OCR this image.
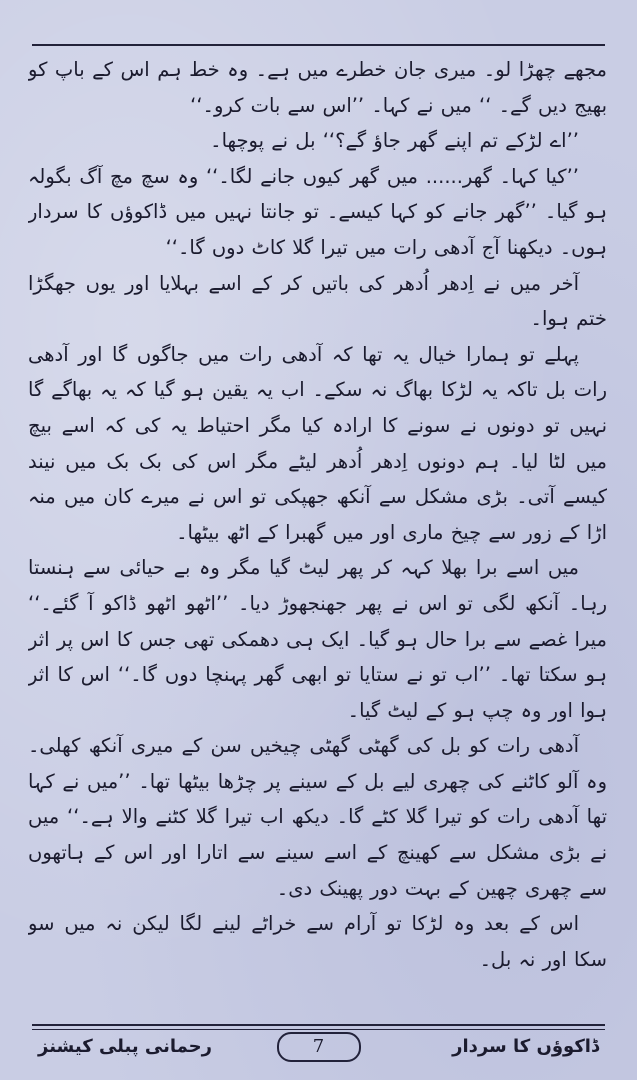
مجھے چھڑا لو۔ میری جان خطرے میں ہے۔ وہ خط ہم اس کے باپ کو بھیج دیں گے۔ ‘‘ میں نے کہا۔ ’’اس سے بات کرو۔‘‘

’’اے لڑکے تم اپنے گھر جاؤ گے؟‘‘ بل نے پوچھا۔

’’کیا کہا۔ گھر...... میں گھر کیوں جانے لگا۔‘‘ وہ سچ مچ آگ بگولہ ہو گیا۔ ’’گھر جانے کو کہا کیسے۔ تو جانتا نہیں میں ڈاکوؤں کا سردار ہوں۔ دیکھنا آج آدھی رات میں تیرا گلا کاٹ دوں گا۔‘‘

آخر میں نے اِدھر اُدھر کی باتیں کر کے اسے بہلایا اور یوں جھگڑا ختم ہوا۔

پہلے تو ہمارا خیال یہ تھا کہ آدھی رات میں جاگوں گا اور آدھی رات بل تاکہ یہ لڑکا بھاگ نہ سکے۔ اب یہ یقین ہو گیا کہ یہ بھاگے گا نہیں تو دونوں نے سونے کا ارادہ کیا مگر احتیاط یہ کی کہ اسے بیچ میں لٹا لیا۔ ہم دونوں اِدھر اُدھر لیٹے مگر اس کی بک بک میں نیند کیسے آتی۔ بڑی مشکل سے آنکھ جھپکی تو اس نے میرے کان میں منہ اڑا کے زور سے چیخ ماری اور میں گھبرا کے اٹھ بیٹھا۔

میں اسے برا بھلا کہہ کر پھر لیٹ گیا مگر وہ بے حیائی سے ہنستا رہا۔ آنکھ لگی تو اس نے پھر جھنجھوڑ دیا۔ ’’اٹھو اٹھو ڈاکو آ گئے۔‘‘ میرا غصے سے برا حال ہو گیا۔ ایک ہی دھمکی تھی جس کا اس پر اثر ہو سکتا تھا۔ ’’اب تو نے ستایا تو ابھی گھر پہنچا دوں گا۔‘‘ اس کا اثر ہوا اور وہ چپ ہو کے لیٹ گیا۔

آدھی رات کو بل کی گھٹی گھٹی چیخیں سن کے میری آنکھ کھلی۔ وہ آلو کاٹنے کی چھری لیے بل کے سینے پر چڑھا بیٹھا تھا۔ ’’میں نے کہا تھا آدھی رات کو تیرا گلا کٹے گا۔ دیکھ اب تیرا گلا کٹنے والا ہے۔‘‘ میں نے بڑی مشکل سے کھینچ کے اسے سینے سے اتارا اور اس کے ہاتھوں سے چھری چھین کے بہت دور پھینک دی۔

اس کے بعد وہ لڑکا تو آرام سے خراٹے لینے لگا لیکن نہ میں سو سکا اور نہ بل۔

ڈاکوؤں کا سردار
7
رحمانی پبلی کیشنز
